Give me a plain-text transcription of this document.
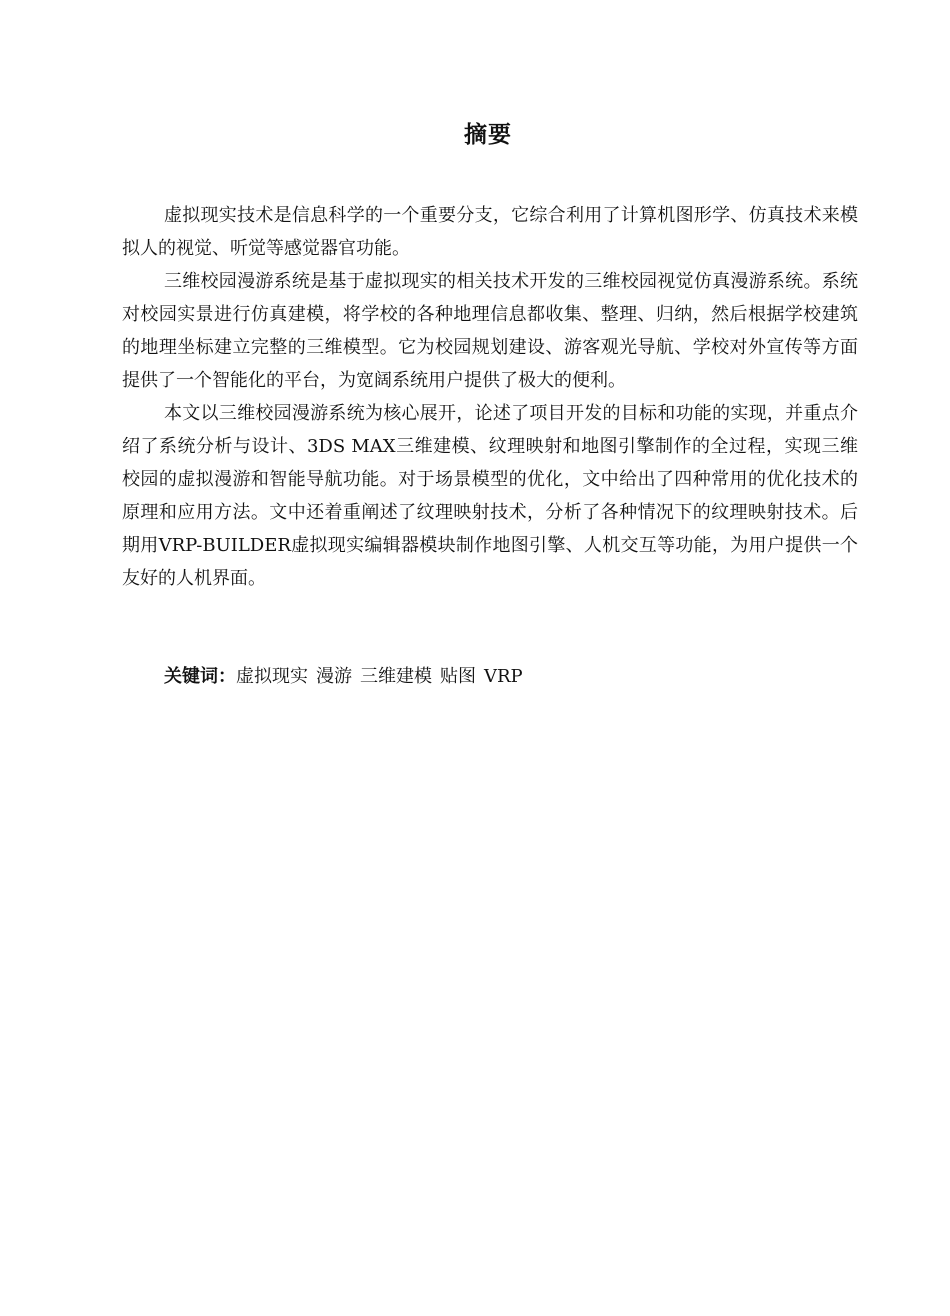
摘要

虚拟现实技术是信息科学的一个重要分支，它综合利用了计算机图形学、仿真技术来模拟人的视觉、听觉等感觉器官功能。

三维校园漫游系统是基于虚拟现实的相关技术开发的三维校园视觉仿真漫游系统。系统对校园实景进行仿真建模，将学校的各种地理信息都收集、整理、归纳，然后根据学校建筑的地理坐标建立完整的三维模型。它为校园规划建设、游客观光导航、学校对外宣传等方面提供了一个智能化的平台，为宽阔系统用户提供了极大的便利。

本文以三维校园漫游系统为核心展开，论述了项目开发的目标和功能的实现，并重点介绍了系统分析与设计、3DS MAX三维建模、纹理映射和地图引擎制作的全过程，实现三维校园的虚拟漫游和智能导航功能。对于场景模型的优化，文中给出了四种常用的优化技术的原理和应用方法。文中还着重阐述了纹理映射技术，分析了各种情况下的纹理映射技术。后期用VRP-BUILDER虚拟现实编辑器模块制作地图引擎、人机交互等功能，为用户提供一个友好的人机界面。

关键词：虚拟现实 漫游 三维建模 贴图 VRP
